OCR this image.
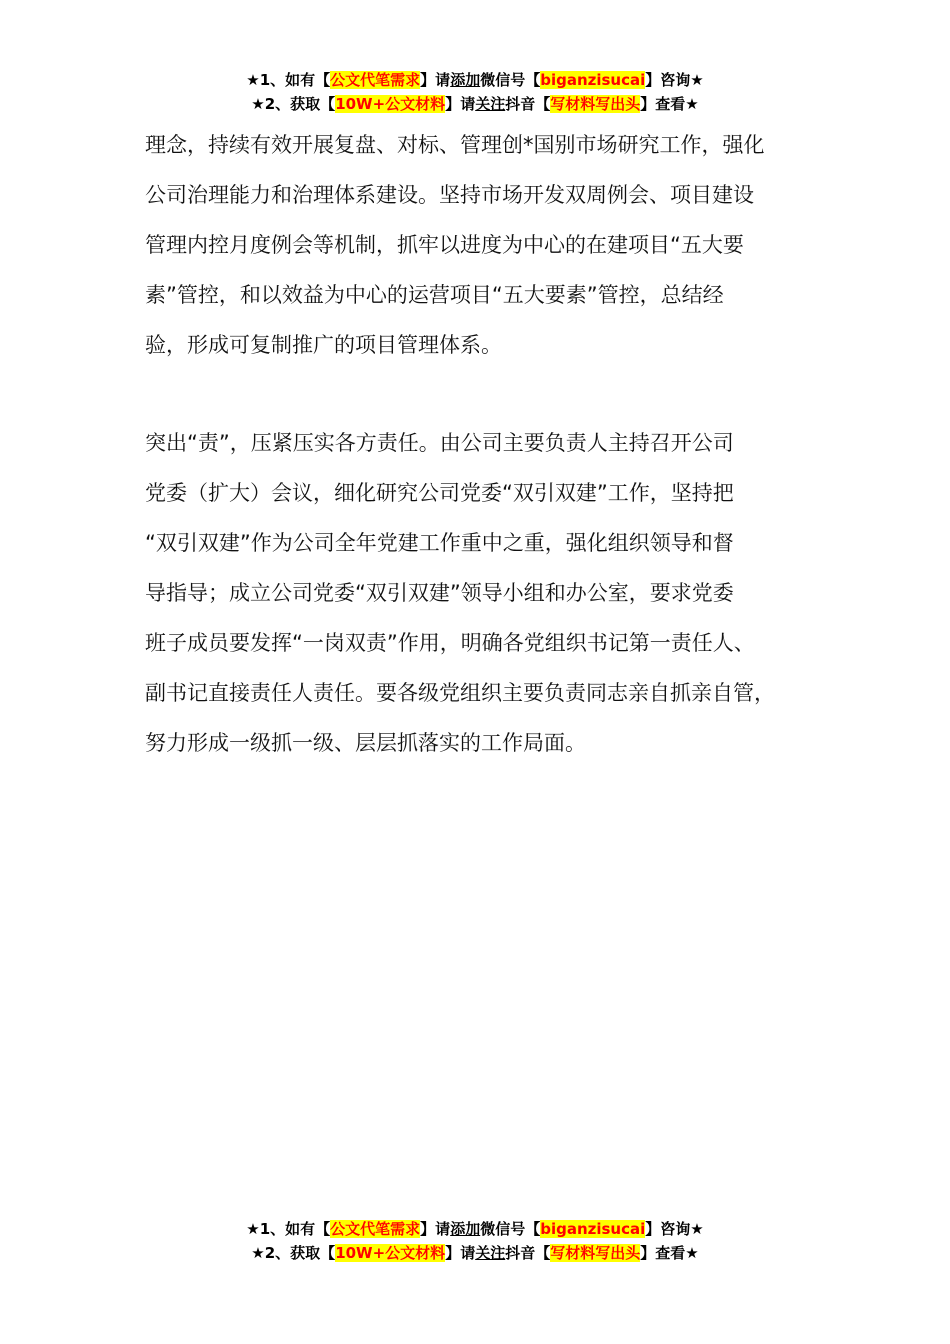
★1、如有【公文代笔需求】请添加微信号【biganzisucai】咨询★
★2、获取【10W+公文材料】请关注抖音【写材料写出头】查看★
理念，持续有效开展复盘、对标、管理创*国别市场研究工作，强化
公司治理能力和治理体系建设。坚持市场开发双周例会、项目建设
管理内控月度例会等机制，抓牢以进度为中心的在建项目“五大要
素”管控，和以效益为中心的运营项目“五大要素”管控，总结经
验，形成可复制推广的项目管理体系。
突出“责”，压紧压实各方责任。由公司主要负责人主持召开公司
党委（扩大）会议，细化研究公司党委“双引双建”工作，坚持把
“双引双建”作为公司全年党建工作重中之重，强化组织领导和督
导指导；成立公司党委“双引双建”领导小组和办公室，要求党委
班子成员要发挥“一岗双责”作用，明确各党组织书记第一责任人、
副书记直接责任人责任。要各级党组织主要负责同志亲自抓亲自管，
努力形成一级抓一级、层层抓落实的工作局面。
★1、如有【公文代笔需求】请添加微信号【biganzisucai】咨询★
★2、获取【10W+公文材料】请关注抖音【写材料写出头】查看★
